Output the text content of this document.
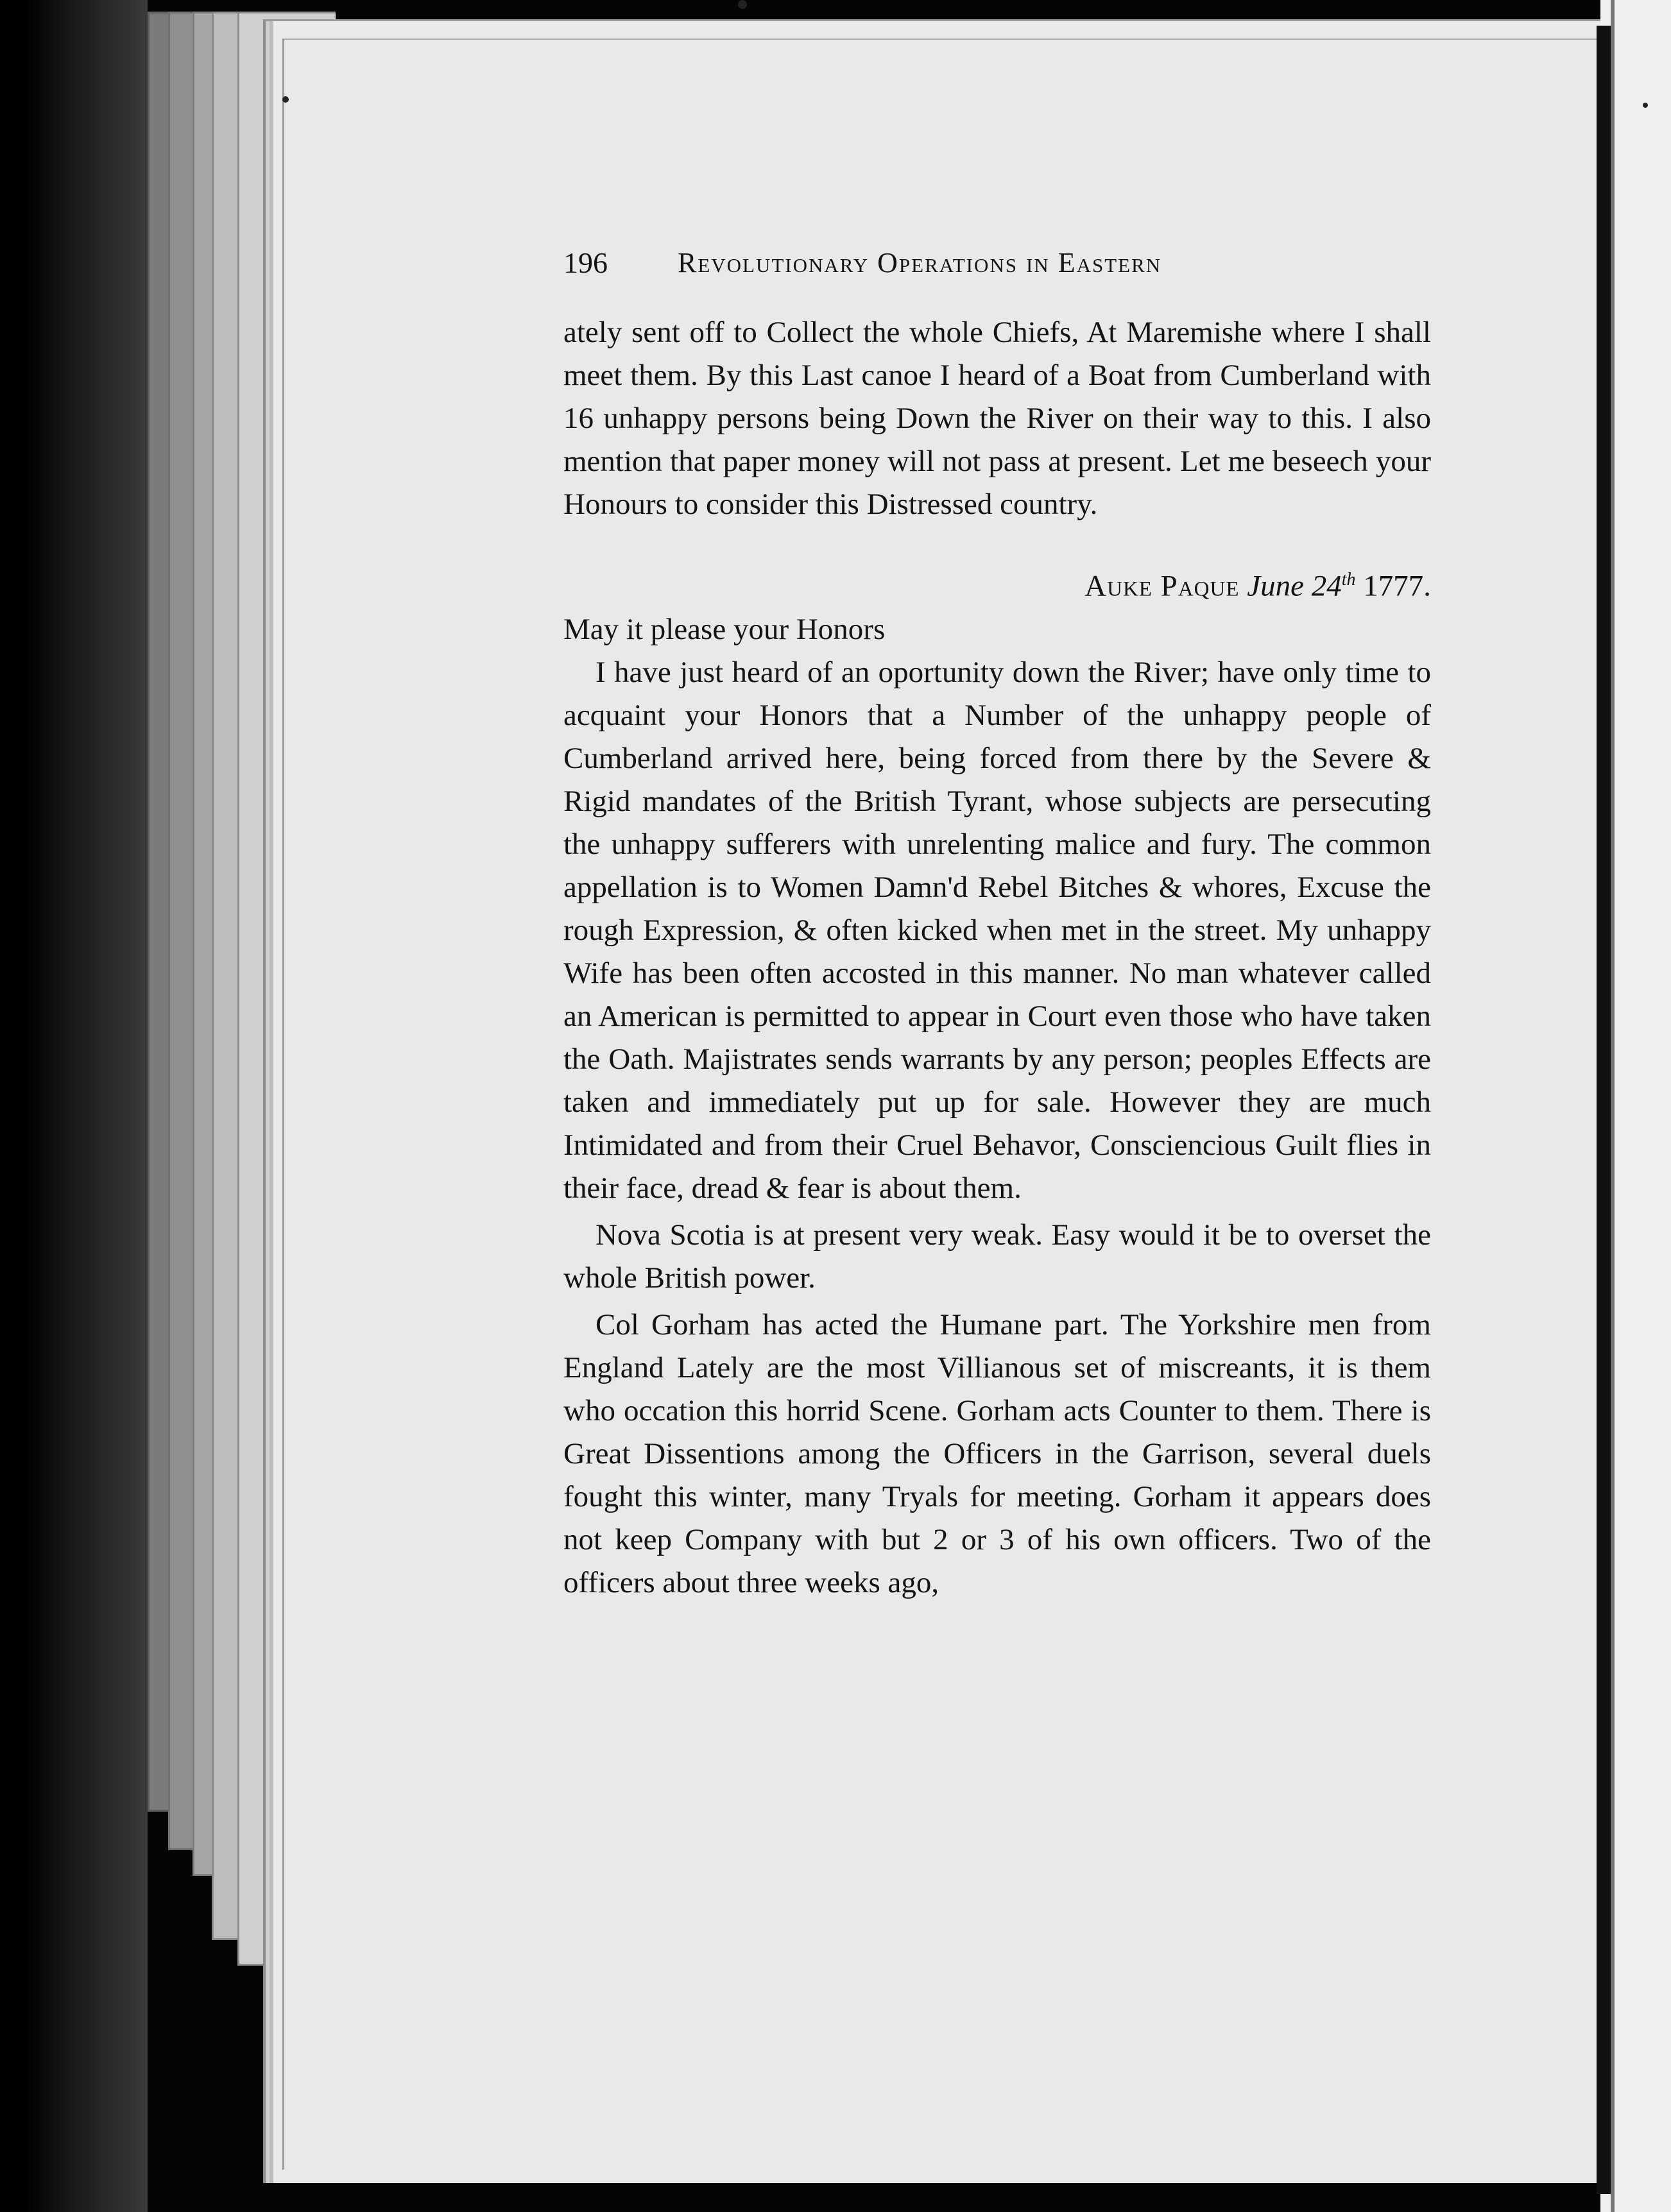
196 Revolutionary Operations in Eastern

ately sent off to Collect the whole Chiefs, At Maremishe where I shall meet them. By this Last canoe I heard of a Boat from Cumberland with 16 unhappy persons being Down the River on their way to this. I also mention that paper money will not pass at present. Let me beseech your Honours to consider this Distressed country.

Auke Paque June 24th 1777.

May it please your Honors

I have just heard of an oportunity down the River; have only time to acquaint your Honors that a Number of the unhappy people of Cumberland arrived here, being forced from there by the Severe & Rigid mandates of the British Tyrant, whose subjects are persecuting the unhappy sufferers with unrelenting malice and fury. The common appellation is to Women Damn'd Rebel Bitches & whores, Excuse the rough Expression, & often kicked when met in the street. My unhappy Wife has been often accosted in this manner. No man whatever called an American is permitted to appear in Court even those who have taken the Oath. Majistrates sends warrants by any person; peoples Effects are taken and immediately put up for sale. However they are much Intimidated and from their Cruel Behavor, Consciencious Guilt flies in their face, dread & fear is about them.

Nova Scotia is at present very weak. Easy would it be to overset the whole British power.

Col Gorham has acted the Humane part. The Yorkshire men from England Lately are the most Villianous set of miscreants, it is them who occation this horrid Scene. Gorham acts Counter to them. There is Great Dissentions among the Officers in the Garrison, several duels fought this winter, many Tryals for meeting. Gorham it appears does not keep Company with but 2 or 3 of his own officers. Two of the officers about three weeks ago,
